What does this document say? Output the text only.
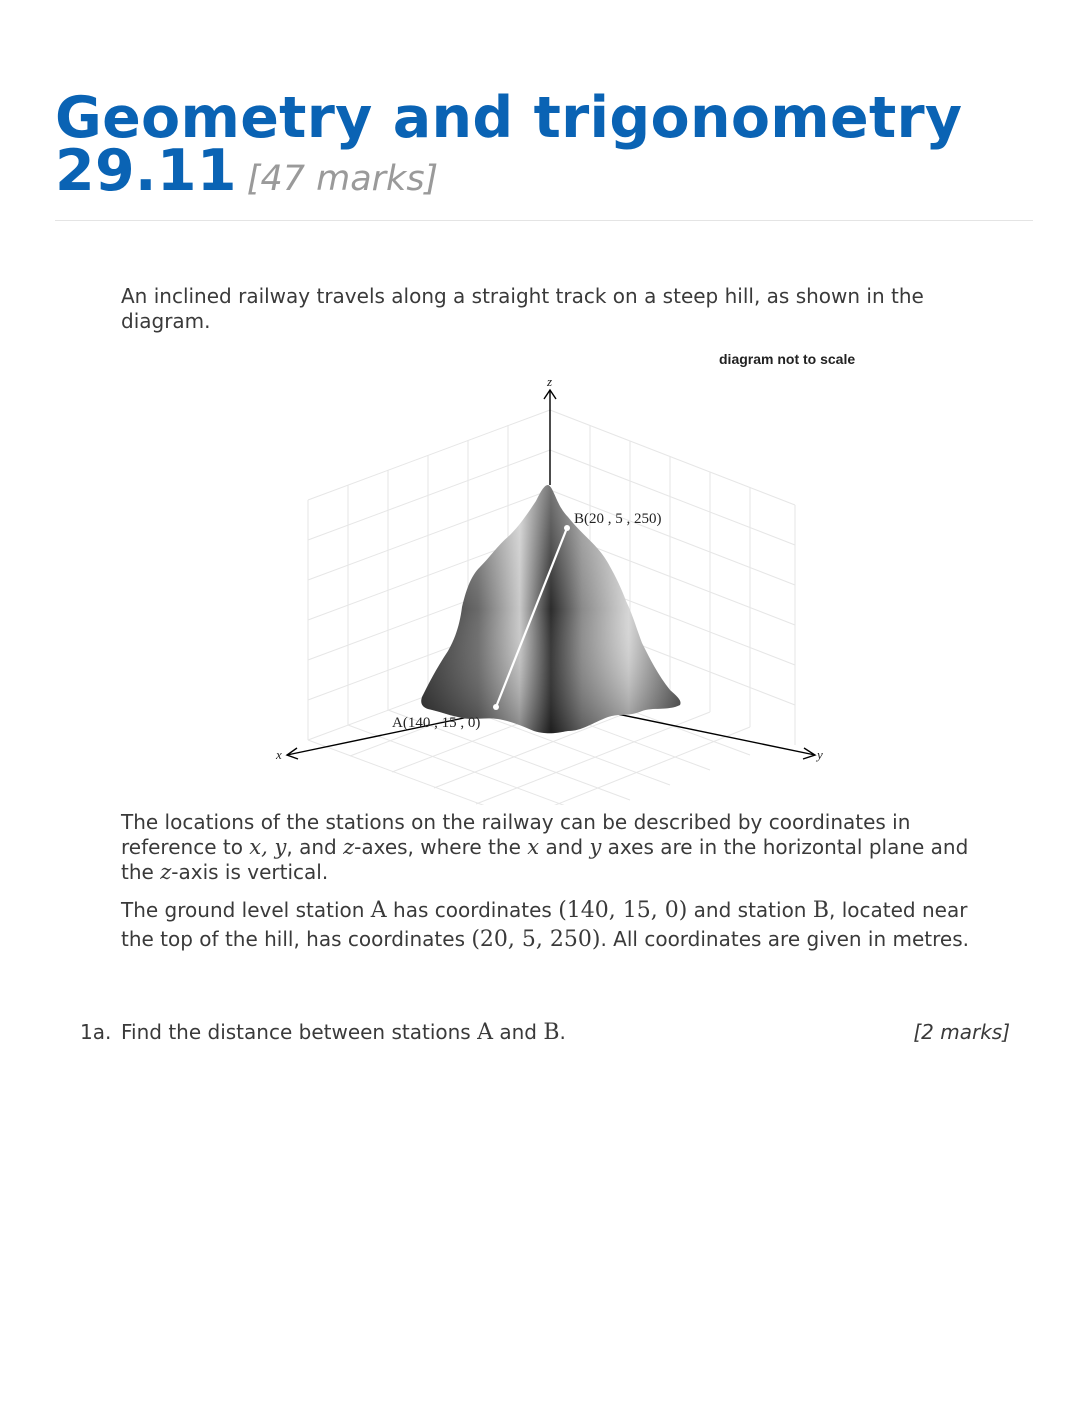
Geometry and trigonometry
29.11 [47 marks]

An inclined railway travels along a straight track on a steep hill, as shown in the diagram.

diagram not to scale
z
x	y
B(20 , 5 , 250)
A(140 , 15 , 0)

The locations of the stations on the railway can be described by coordinates in reference to x, y, and z-axes, where the x and y axes are in the horizontal plane and the z-axis is vertical.

The ground level station A has coordinates (140, 15, 0) and station B, located near the top of the hill, has coordinates (20, 5, 250). All coordinates are given in metres.

1a. Find the distance between stations A and B.	[2 marks]
